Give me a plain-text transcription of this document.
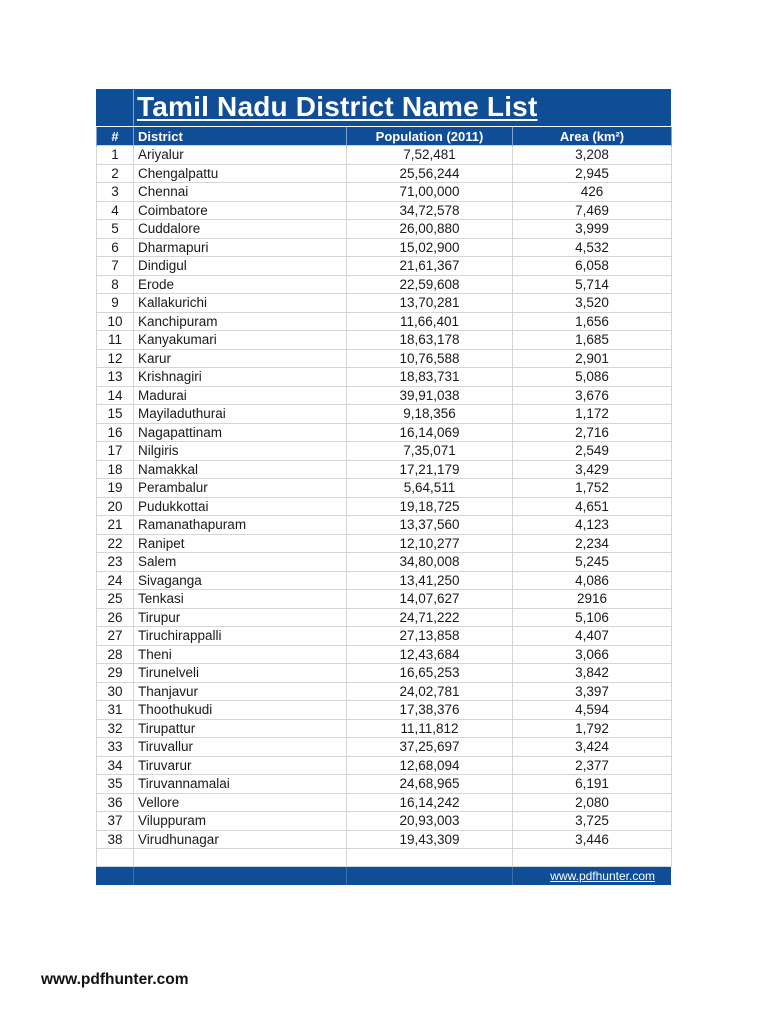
Tamil Nadu District Name List
#	District	Population (2011)	Area (km²)
1	Ariyalur	7,52,481	3,208
2	Chengalpattu	25,56,244	2,945
3	Chennai	71,00,000	426
4	Coimbatore	34,72,578	7,469
5	Cuddalore	26,00,880	3,999
6	Dharmapuri	15,02,900	4,532
7	Dindigul	21,61,367	6,058
8	Erode	22,59,608	5,714
9	Kallakurichi	13,70,281	3,520
10	Kanchipuram	11,66,401	1,656
11	Kanyakumari	18,63,178	1,685
12	Karur	10,76,588	2,901
13	Krishnagiri	18,83,731	5,086
14	Madurai	39,91,038	3,676
15	Mayiladuthurai	9,18,356	1,172
16	Nagapattinam	16,14,069	2,716
17	Nilgiris	7,35,071	2,549
18	Namakkal	17,21,179	3,429
19	Perambalur	5,64,511	1,752
20	Pudukkottai	19,18,725	4,651
21	Ramanathapuram	13,37,560	4,123
22	Ranipet	12,10,277	2,234
23	Salem	34,80,008	5,245
24	Sivaganga	13,41,250	4,086
25	Tenkasi	14,07,627	2916
26	Tirupur	24,71,222	5,106
27	Tiruchirappalli	27,13,858	4,407
28	Theni	12,43,684	3,066
29	Tirunelveli	16,65,253	3,842
30	Thanjavur	24,02,781	3,397
31	Thoothukudi	17,38,376	4,594
32	Tirupattur	11,11,812	1,792
33	Tiruvallur	37,25,697	3,424
34	Tiruvarur	12,68,094	2,377
35	Tiruvannamalai	24,68,965	6,191
36	Vellore	16,14,242	2,080
37	Viluppuram	20,93,003	3,725
38	Virudhunagar	19,43,309	3,446

www.pdfhunter.com
www.pdfhunter.com
